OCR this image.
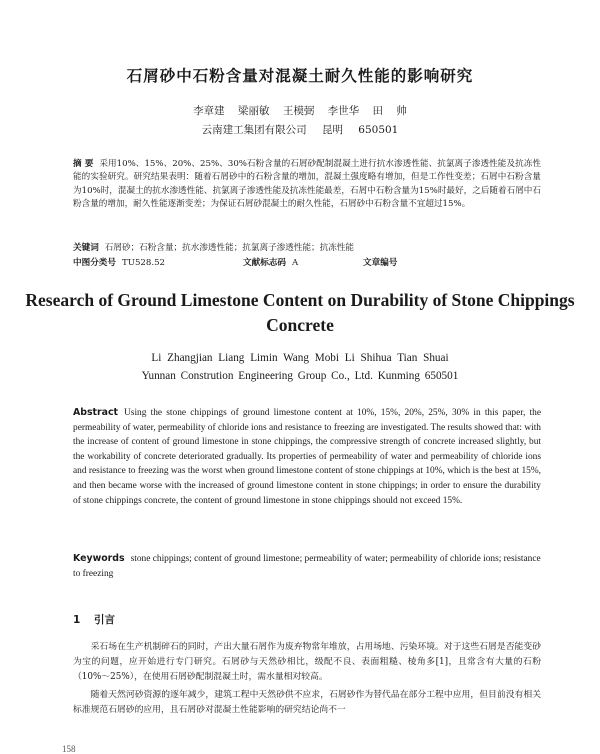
石屑砂中石粉含量对混凝土耐久性能的影响研究
李章建 梁丽敏 王模弼 李世华 田 帅
云南建工集团有限公司 昆明 650501
摘 要 采用10%、15%、20%、25%、30%石粉含量的石屑砂配制混凝土进行抗水渗透性能、抗氯离子渗透性能及抗冻性能的实验研究。研究结果表明：随着石屑砂中的石粉含量的增加，混凝土强度略有增加，但是工作性变差；石屑中石粉含量为10%时，混凝土的抗水渗透性能、抗氯离子渗透性能及抗冻性能最差，石屑中石粉含量为15%时最好，之后随着石屑中石粉含量的增加，耐久性能逐渐变差；为保证石屑砂混凝土的耐久性能，石屑砂中石粉含量不宜超过15%。
关键词 石屑砂；石粉含量；抗水渗透性能；抗氯离子渗透性能；抗冻性能
中图分类号 TU528.52	文献标志码 A	文章编号
Research of Ground Limestone Content on Durability of Stone Chippings Concrete
Li Zhangjian Liang Limin Wang Mobi Li Shihua Tian Shuai
Yunnan Constrution Engineering Group Co., Ltd. Kunming 650501
Abstract Using the stone chippings of ground limestone content at 10%, 15%, 20%, 25%, 30% in this paper, the permeability of water, permeability of chloride ions and resistance to freezing are investigated. The results showed that: with the increase of content of ground limestone in stone chippings, the compressive strength of concrete increased slightly, but the workability of concrete deteriorated gradually. Its properties of permeability of water and permeability of chloride ions and resistance to freezing was the worst when ground limestone content of stone chippings at 10%, which is the best at 15%, and then became worse with the increased of ground limestone content in stone chippings; in order to ensure the durability of stone chippings concrete, the content of ground limestone in stone chippings should not exceed 15%.
Keywords stone chippings; content of ground limestone; permeability of water; permeability of chloride ions; resistance to freezing
1 引言

采石场在生产机制碎石的同时，产出大量石屑作为废弃物常年堆放，占用场地、污染环境。对于这些石屑是否能变砂为宝的问题，应开始进行专门研究。石屑砂与天然砂相比，级配不良、表面粗糙、棱角多[1]，且常含有大量的石粉（10%～25%），在使用石屑砂配制混凝土时，需水量相对较高。

随着天然河砂资源的逐年减少，建筑工程中天然砂供不应求，石屑砂作为替代品在部分工程中应用，但目前没有相关标准规范石屑砂的应用，且石屑砂对混凝土性能影响的研究结论尚不一

158
